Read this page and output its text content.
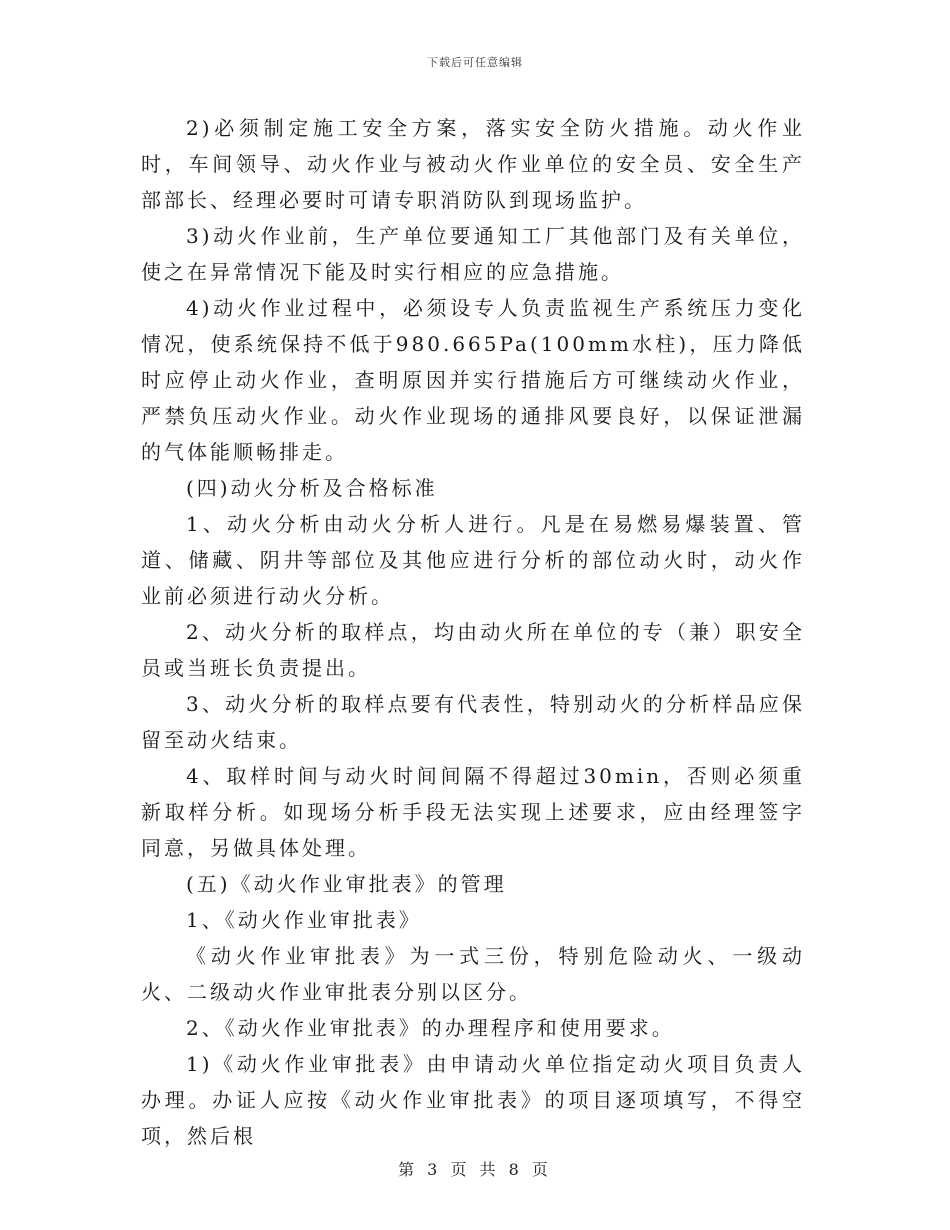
下载后可任意编辑

2)必须制定施工安全方案，落实安全防火措施。动火作业时，车间领导、动火作业与被动火作业单位的安全员、安全生产部部长、经理必要时可请专职消防队到现场监护。

3)动火作业前，生产单位要通知工厂其他部门及有关单位，使之在异常情况下能及时实行相应的应急措施。

4)动火作业过程中，必须设专人负责监视生产系统压力变化情况，使系统保持不低于980.665Pa(100mm水柱)，压力降低时应停止动火作业，查明原因并实行措施后方可继续动火作业，严禁负压动火作业。动火作业现场的通排风要良好，以保证泄漏的气体能顺畅排走。

(四)动火分析及合格标准

1、动火分析由动火分析人进行。凡是在易燃易爆装置、管道、储藏、阴井等部位及其他应进行分析的部位动火时，动火作业前必须进行动火分析。

2、动火分析的取样点，均由动火所在单位的专（兼）职安全员或当班长负责提出。

3、动火分析的取样点要有代表性，特别动火的分析样品应保留至动火结束。

4、取样时间与动火时间间隔不得超过30min，否则必须重新取样分析。如现场分析手段无法实现上述要求，应由经理签字同意，另做具体处理。

(五)《动火作业审批表》的管理

1、《动火作业审批表》

《动火作业审批表》为一式三份，特别危险动火、一级动火、二级动火作业审批表分别以区分。

2、《动火作业审批表》的办理程序和使用要求。

1)《动火作业审批表》由申请动火单位指定动火项目负责人办理。办证人应按《动火作业审批表》的项目逐项填写，不得空项，然后根

第 3 页 共 8 页
